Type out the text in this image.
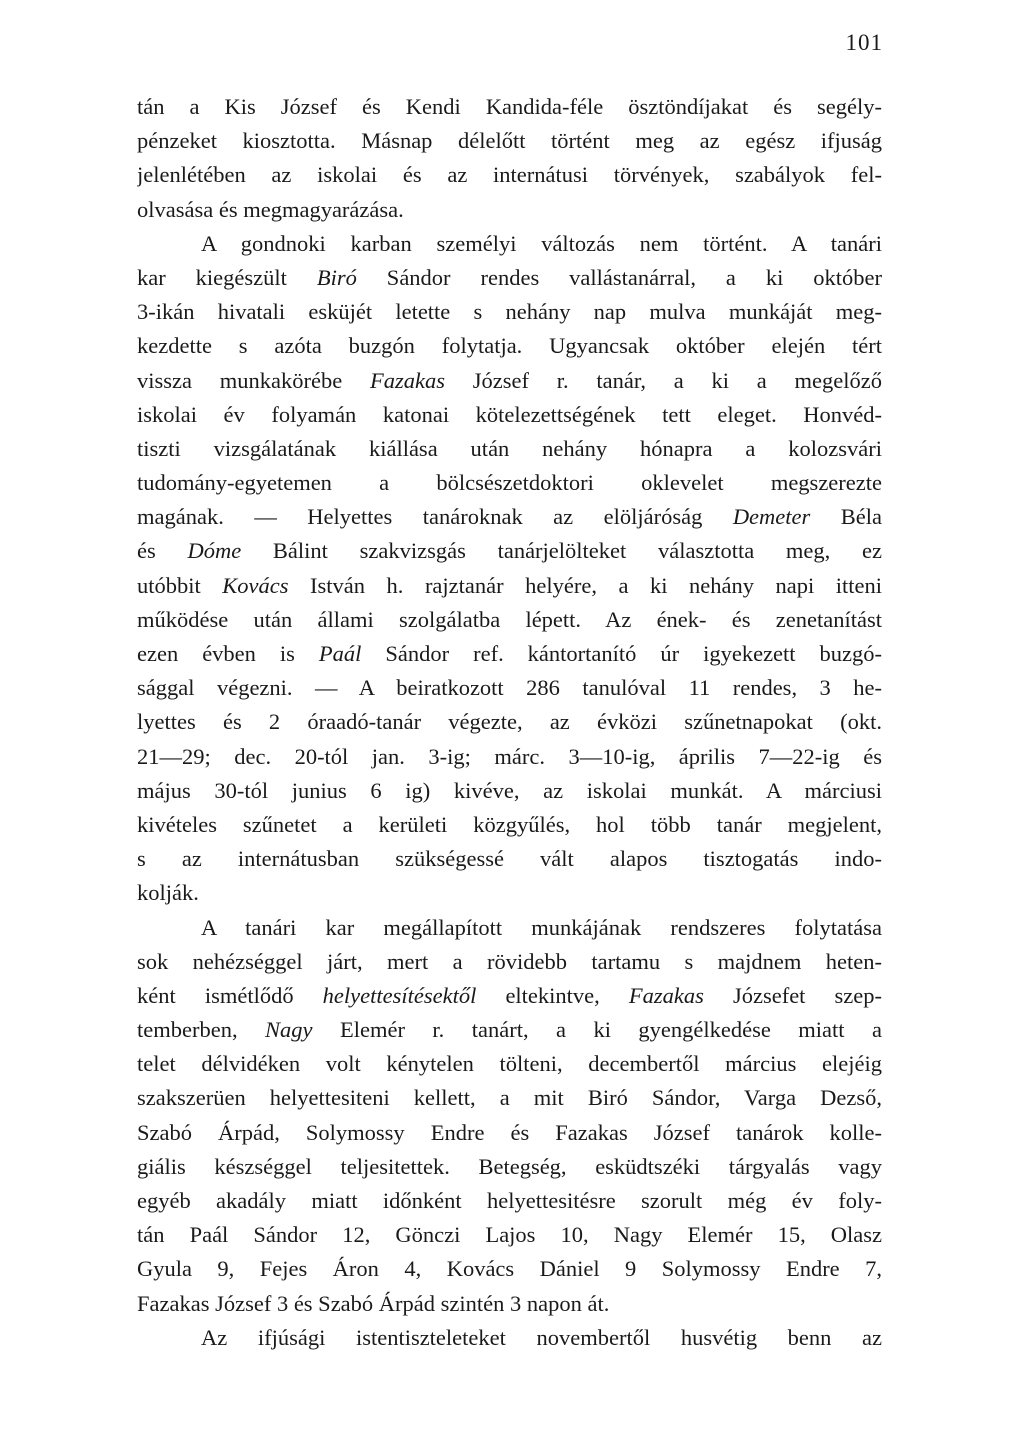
101
tán a Kis József és Kendi Kandida-féle ösztöndíjakat és segély-
pénzeket kiosztotta. Másnap délelőtt történt meg az egész ifjuság
jelenlétében az iskolai és az internátusi törvények, szabályok fel-
olvasása és megmagyarázása.
A gondnoki karban személyi változás nem történt. A tanári
kar kiegészült Biró Sándor rendes vallástanárral, a ki október
3-ikán hivatali esküjét letette s nehány nap mulva munkáját meg-
kezdette s azóta buzgón folytatja. Ugyancsak október elején tért
vissza munkakörébe Fazakas József r. tanár, a ki a megelőző
iskolai év folyamán katonai kötelezettségének tett eleget. Honvéd-
tiszti vizsgálatának kiállása után nehány hónapra a kolozsvári
tudomány-egyetemen a bölcsészetdoktori oklevelet megszerezte
magának. — Helyettes tanároknak az elöljáróság Demeter Béla
és Dóme Bálint szakvizsgás tanárjelölteket választotta meg, ez
utóbbit Kovács István h. rajztanár helyére, a ki nehány napi itteni
működése után állami szolgálatba lépett. Az ének- és zenetanítást
ezen évben is Paál Sándor ref. kántortanító úr igyekezett buzgó-
sággal végezni. — A beiratkozott 286 tanulóval 11 rendes, 3 he-
lyettes és 2 óraadó-tanár végezte, az évközi szűnetnapokat (okt.
21—29; dec. 20-tól jan. 3-ig; márc. 3—10-ig, április 7—22-ig és
május 30-tól junius 6 ig) kivéve, az iskolai munkát. A márciusi
kivételes szűnetet a kerületi közgyűlés, hol több tanár megjelent,
s az internátusban szükségessé vált alapos tisztogatás indo-
kolják.
A tanári kar megállapított munkájának rendszeres folytatása
sok nehézséggel járt, mert a rövidebb tartamu s majdnem heten-
ként ismétlődő helyettesítésektől eltekintve, Fazakas Józsefet szep-
temberben, Nagy Elemér r. tanárt, a ki gyengélkedése miatt a
telet délvidéken volt kénytelen tölteni, decembertől március elejéig
szakszerüen helyettesiteni kellett, a mit Biró Sándor, Varga Dezső,
Szabó Árpád, Solymossy Endre és Fazakas József tanárok kolle-
giális készséggel teljesitettek. Betegség, esküdtszéki tárgyalás vagy
egyéb akadály miatt időnként helyettesitésre szorult még év foly-
tán Paál Sándor 12, Gönczi Lajos 10, Nagy Elemér 15, Olasz
Gyula 9, Fejes Áron 4, Kovács Dániel 9 Solymossy Endre 7,
Fazakas József 3 és Szabó Árpád szintén 3 napon át.
Az ifjúsági istentiszteleteket novembertől husvétig benn az
